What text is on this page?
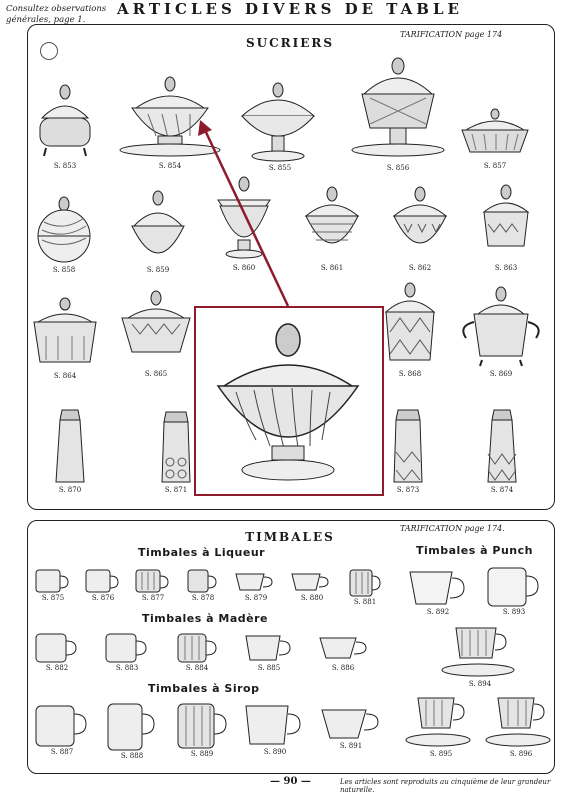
Consultez observations
générales, page 1.
ARTICLES DIVERS DE TABLE
SUCRIERS
TARIFICATION page 174
S. 853	S. 854	S. 855	S. 856	S. 857
S. 858	S. 859	S. 860	S. 861	S. 862	S. 863
S. 864	S. 865	S. 868	S. 869
S. 870	S. 871	S. 873	S. 874
TIMBALES
TARIFICATION page 174.
Timbales à Liqueur
Timbales à Madère
Timbales à Sirop
Timbales à Punch
S. 875	S. 876	S. 877	S. 878	S. 879	S. 880	S. 881
S. 882	S. 883	S. 884	S. 885	S. 886
S. 887	S. 888	S. 889	S. 890
S. 891
S. 892	S. 893
S. 894
S. 895	S. 896
— 90 —	Les articles sont reproduits au cinquième de leur grandeur naturelle.
